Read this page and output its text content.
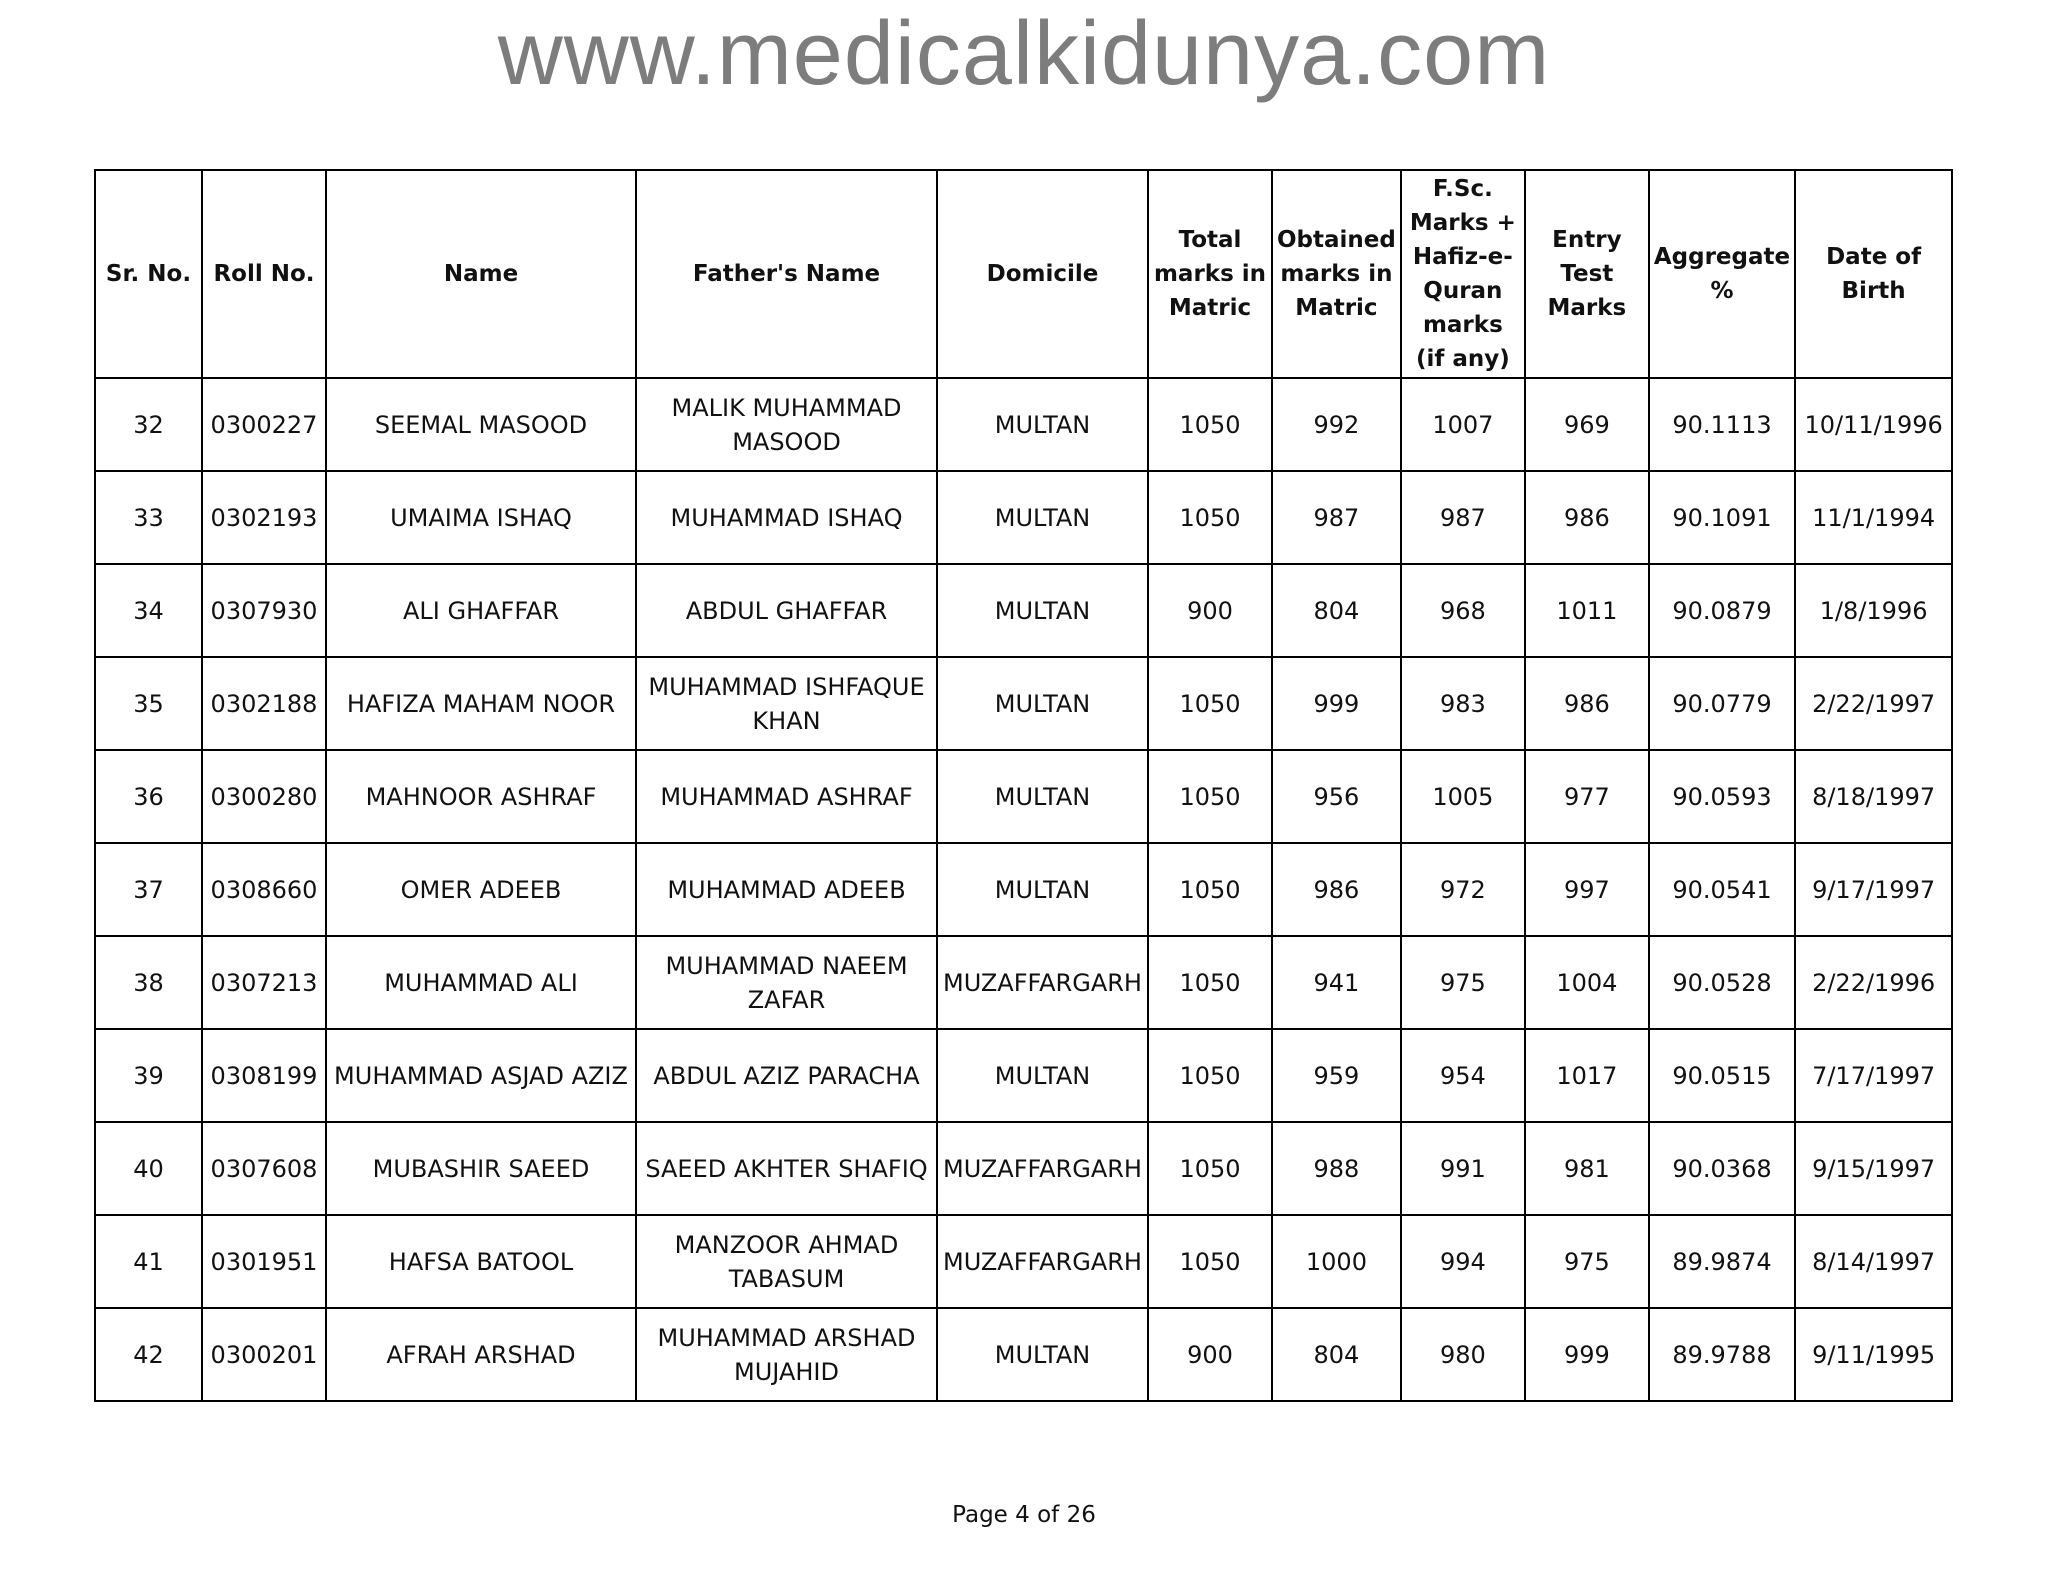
www.medicalkidunya.com
Sr. No.	Roll No.	Name	Father's Name	Domicile	Total marks in Matric	Obtained marks in Matric	F.Sc. Marks + Hafiz-e-Quran marks (if any)	Entry Test Marks	Aggregate %	Date of Birth
32	0300227	SEEMAL MASOOD	MALIK MUHAMMAD MASOOD	MULTAN	1050	992	1007	969	90.1113	10/11/1996
33	0302193	UMAIMA ISHAQ	MUHAMMAD ISHAQ	MULTAN	1050	987	987	986	90.1091	11/1/1994
34	0307930	ALI GHAFFAR	ABDUL GHAFFAR	MULTAN	900	804	968	1011	90.0879	1/8/1996
35	0302188	HAFIZA MAHAM NOOR	MUHAMMAD ISHFAQUE KHAN	MULTAN	1050	999	983	986	90.0779	2/22/1997
36	0300280	MAHNOOR ASHRAF	MUHAMMAD ASHRAF	MULTAN	1050	956	1005	977	90.0593	8/18/1997
37	0308660	OMER ADEEB	MUHAMMAD ADEEB	MULTAN	1050	986	972	997	90.0541	9/17/1997
38	0307213	MUHAMMAD ALI	MUHAMMAD NAEEM ZAFAR	MUZAFFARGARH	1050	941	975	1004	90.0528	2/22/1996
39	0308199	MUHAMMAD ASJAD AZIZ	ABDUL AZIZ PARACHA	MULTAN	1050	959	954	1017	90.0515	7/17/1997
40	0307608	MUBASHIR SAEED	SAEED AKHTER SHAFIQ	MUZAFFARGARH	1050	988	991	981	90.0368	9/15/1997
41	0301951	HAFSA BATOOL	MANZOOR AHMAD TABASUM	MUZAFFARGARH	1050	1000	994	975	89.9874	8/14/1997
42	0300201	AFRAH ARSHAD	MUHAMMAD ARSHAD MUJAHID	MULTAN	900	804	980	999	89.9788	9/11/1995
Page 4 of 26
